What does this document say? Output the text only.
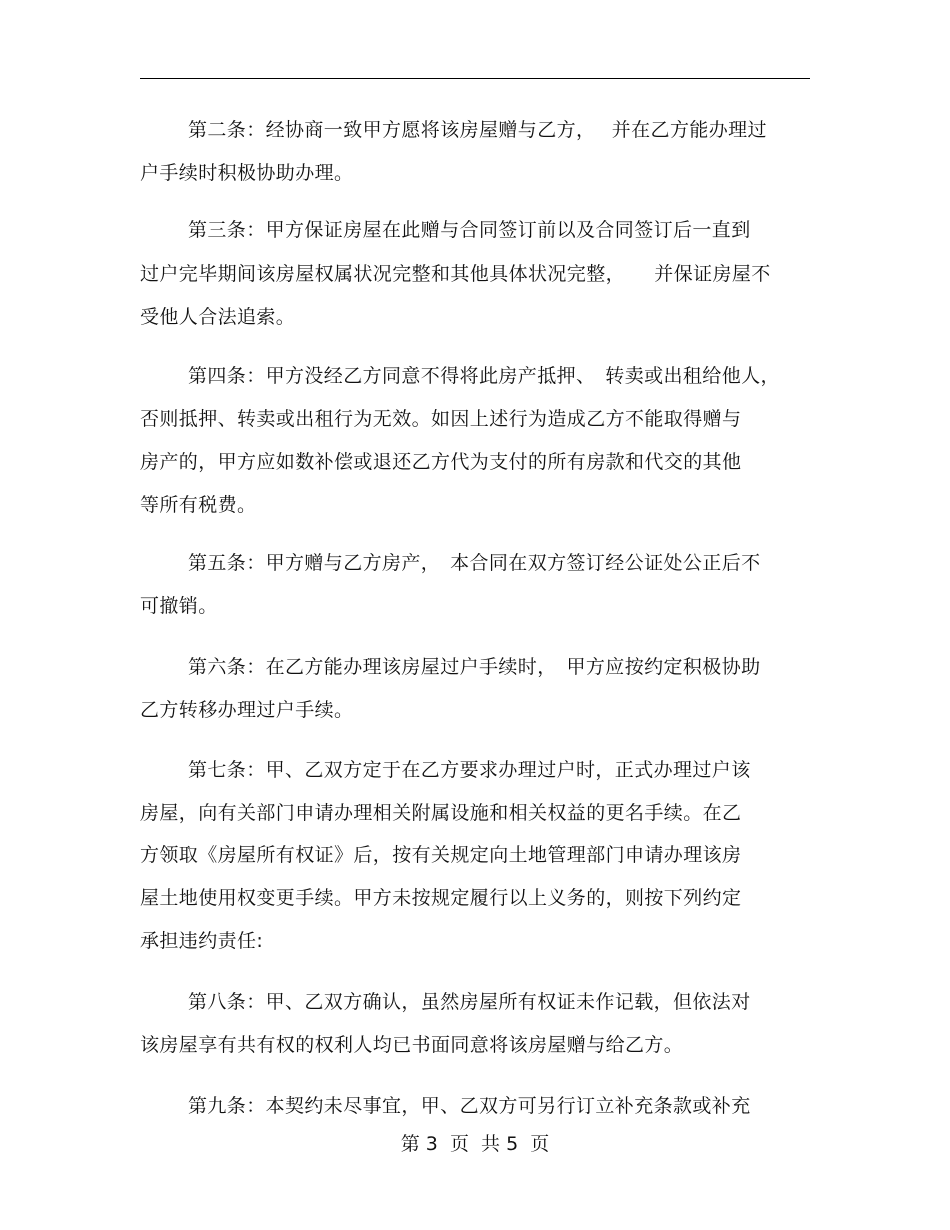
第二条：经协商一致甲方愿将该房屋赠与乙方，　 并在乙方能办理过
户手续时积极协助办理。
第三条：甲方保证房屋在此赠与合同签订前以及合同签订后一直到
过户完毕期间该房屋权属状况完整和其他具体状况完整，　　并保证房屋不
受他人合法追索。
第四条：甲方没经乙方同意不得将此房产抵押、　转卖或出租给他人，
否则抵押、转卖或出租行为无效。如因上述行为造成乙方不能取得赠与
房产的，甲方应如数补偿或退还乙方代为支付的所有房款和代交的其他
等所有税费。
第五条：甲方赠与乙方房产，　本合同在双方签订经公证处公正后不
可撤销。
第六条：在乙方能办理该房屋过户手续时，　甲方应按约定积极协助
乙方转移办理过户手续。
第七条：甲、乙双方定于在乙方要求办理过户时，正式办理过户该
房屋，向有关部门申请办理相关附属设施和相关权益的更名手续。在乙
方领取《房屋所有权证》后，按有关规定向土地管理部门申请办理该房
屋土地使用权变更手续。甲方未按规定履行以上义务的，则按下列约定
承担违约责任:
第八条：甲、乙双方确认，虽然房屋所有权证未作记载，但依法对
该房屋享有共有权的权利人均已书面同意将该房屋赠与给乙方。
第九条：本契约未尽事宜，甲、乙双方可另行订立补充条款或补充
第 3  页  共 5  页
